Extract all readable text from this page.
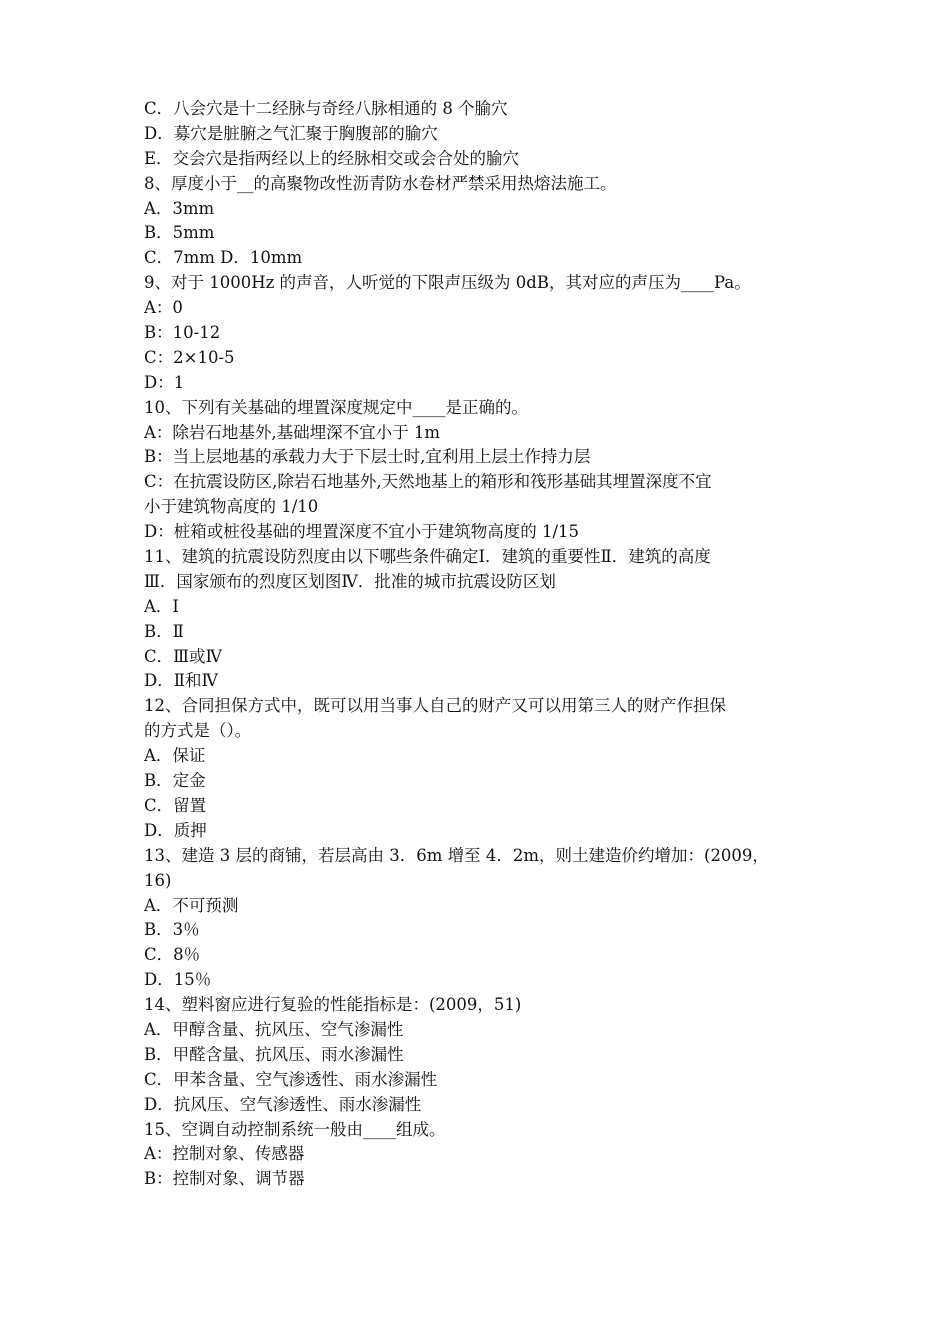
C．八会穴是十二经脉与奇经八脉相通的 8 个腧穴
D．募穴是脏腑之气汇聚于胸腹部的腧穴
E．交会穴是指两经以上的经脉相交或会合处的腧穴
8、厚度小于__的高聚物改性沥青防水卷材严禁采用热熔法施工。
A．3mm
B．5mm
C．7mm D．10mm
9、对于 1000Hz 的声音，人听觉的下限声压级为 0dB，其对应的声压为____Pa。
A：0
B：10-12
C：2×10-5
D：1
10、下列有关基础的埋置深度规定中____是正确的。
A：除岩石地基外,基础埋深不宜小于 1m
B：当上层地基的承载力大于下层士时,宜利用上层土作持力层
C：在抗震设防区,除岩石地基外,天然地基上的箱形和筏形基础其埋置深度不宜
小于建筑物高度的 1/10
D：桩箱或桩役基础的埋置深度不宜小于建筑物高度的 1/15
11、建筑的抗震设防烈度由以下哪些条件确定Ⅰ．建筑的重要性Ⅱ．建筑的高度
Ⅲ．国家颁布的烈度区划图Ⅳ．批准的城市抗震设防区划
A．Ⅰ
B．Ⅱ
C．Ⅲ或Ⅳ
D．Ⅱ和Ⅳ
12、合同担保方式中，既可以用当事人自己的财产又可以用第三人的财产作担保
的方式是（）。
A．保证
B．定金
C．留置
D．质押
13、建造 3 层的商铺，若层高由 3．6m 增至 4．2m，则土建造价约增加：(2009，
16)
A．不可预测
B．3％
C．8％
D．15％
14、塑料窗应进行复验的性能指标是：(2009，51)
A．甲醇含量、抗风压、空气渗漏性
B．甲醛含量、抗风压、雨水渗漏性
C．甲苯含量、空气渗透性、雨水渗漏性
D．抗风压、空气渗透性、雨水渗漏性
15、空调自动控制系统一般由____组成。
A：控制对象、传感器
B：控制对象、调节器
